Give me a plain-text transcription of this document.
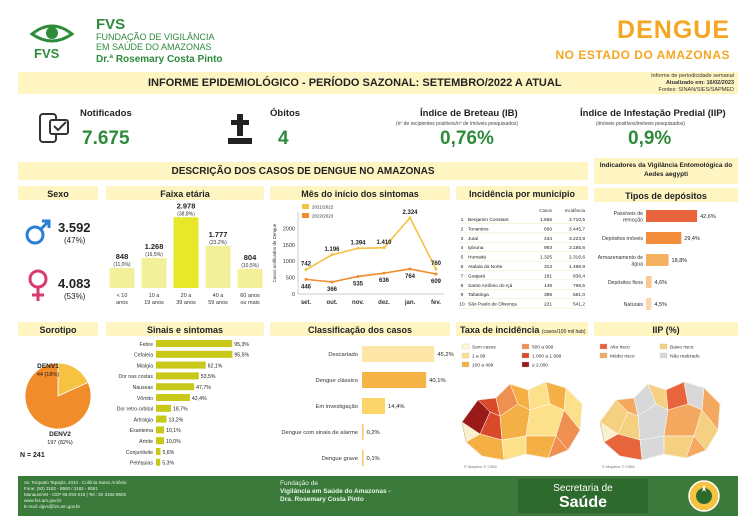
FVS
FVS
FUNDAÇÃO DE VIGILÂNCIA
EM SAÚDE DO AMAZONAS
Dr.ª Rosemary Costa Pinto
DENGUE
NO ESTADO DO AMAZONAS
INFORME EPIDEMIOLÓGICO - PERÍODO SAZONAL: SETEMBRO/2022 A ATUAL
Informe de periodicidade semanal
Atualizado em: 16/02/2023
Fontes: SINAN/SIES/SAPMED
Notificados
7.675
Óbitos
4
Índice de Breteau (IB)
(nº de recipientes positivos/nº de imóveis pesquisados)
0,76%
Índice de Infestação Predial (IIP)
(imóveis positivos/imóveis pesquisados)
0,9%
DESCRIÇÃO DOS CASOS DE DENGUE NO AMAZONAS
Indicadores da Vigilância Entomológica do Aedes aegypti
Sexo	Faixa etária	Mês do início dos sintomas	Incidência por município	Tipos de depósitos
3.592
(47%)
4.083
(53%)
848
(11,0%)
< 10
anos
1.268
(16,5%)
10 a
19 anos
2.978
(38,8%)
20 a
39 anos
1.777
(23,2%)
40 a
59 anos
804
(10,5%)
60 anos
ou mais
0
500
1000
1500
2000
Casos notificados de Dengue
set.	out. nov. dez. jan.	fev.
2021/2022
742
1.196
1.394 1.410
2.324
760
2022/2023
446	366
535
636
764
609
Casos	Incidência
1 Benjamin Constant	1.665	3.710,5
2 Tonantins	656	3.445,7
3 Jutaí	434	3.223,9
4 Ipixuna	993	3.185,6
5 Humaitá	1.325	2.316,6
6 Atalaia do Norte	313	1.498,9
7 Guajará	161	936,4
8 Santo Antônio do Içá	149	768,5
9 Tabatinga	398	581,0
10 São Paulo de Olivença	221	541,2
42,6%
Passíveis de
remoção
29,4%
Depósitos móveis
18,8%
Armazenamento de
água
4,6%
Depósitos fixos
4,5%
Naturais
Sorotipo	Sinais e sintomas	Classificação dos casos	Taxa de incidência (casos/100 mil hab)	IIP (%)
DENV1
44 (18%)
DENV2
197 (82%)
N = 241
95,3%
Febre
95,5%
Cefaleia
62,1%
Mialgia
53,5%
Dor nas costas
47,7%
Náuseas
42,4%
Vômito
18,7%
Dor retro-orbital
13,2%
Artralgia
10,1%
Exantema
10,0%
Artrite
5,6%
Conjuntivite
5,3%
Petéquias
45,2%
Descartado
40,1%
Dengue clássico
14,4%
Em investigação
0,2%
Dengue com sinais de alarme
0,1%
Dengue grave
Sem casos	500 a 999
1 a 99	1.000 a 1.999
100 a 499	≥ 2.000
© Mapbox © OSM
Alto risco	Baixo risco
Médio risco	Não realizado
© Mapbox © OSM
Av. Torquato Tapajós, 4010 - Colônia Santo Antônio
Fone: (92) 3182 - 8550 / 3182 - 8551
Manaus/AM - CEP 69.093-018 | Tel.: 92 3182-8500
www.fvs.am.gov.br
E-mail: dgvs@fvs.am.gov.br
Fundação de
Vigilância em Saúde do Amazonas -
Dra. Rosemary Costa Pinto
Secretaria de
Saúde
